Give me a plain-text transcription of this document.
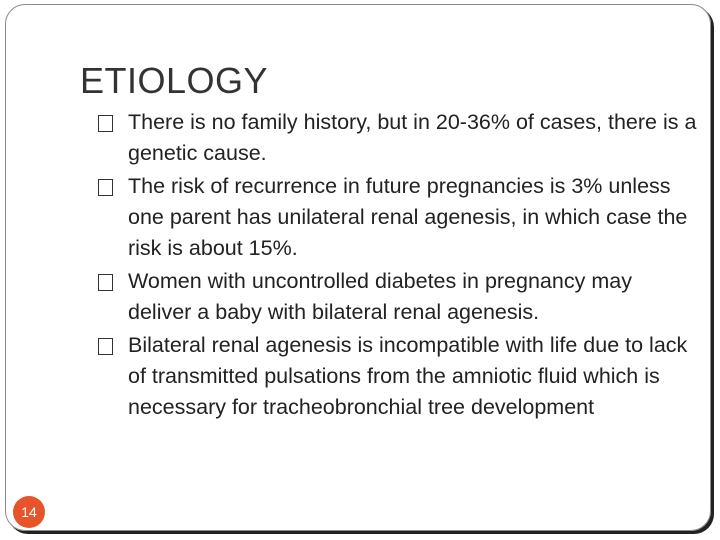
ETIOLOGY
There is no family history, but in 20-36% of cases, there is a genetic cause.
The risk of recurrence in future pregnancies is 3% unless one parent has unilateral renal agenesis, in which case the risk is about 15%.
Women with uncontrolled diabetes in pregnancy may deliver a baby with bilateral renal agenesis.
Bilateral renal agenesis is incompatible with life due to lack of transmitted pulsations from the amniotic fluid which is necessary for tracheobronchial tree development
14
